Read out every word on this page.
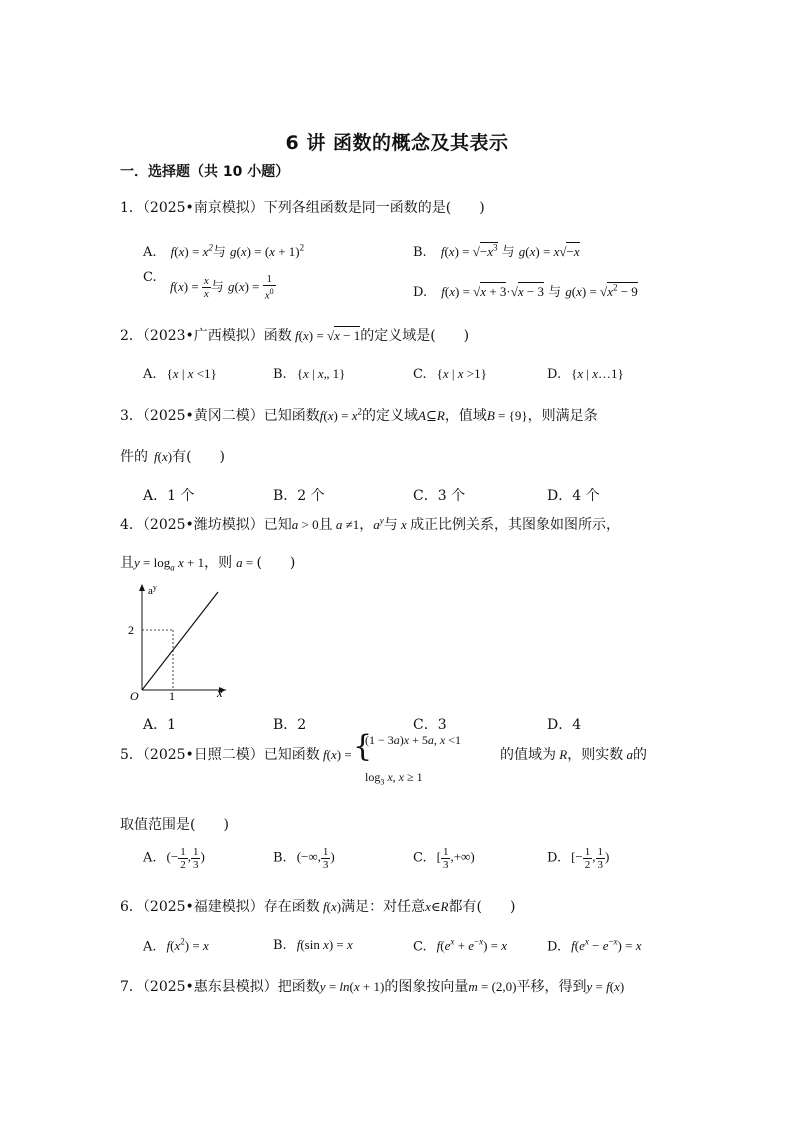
6 讲 函数的概念及其表示
一．选择题（共 10 小题）
1．（2025•南京模拟）下列各组函数是同一函数的是(　　)
A. $f(x) = x^2$与 $g(x) = (x + 1)^2$	B. $f(x) = √-x^3$ 与 g(x) = x√−x
C.
$f(x) = \frac{x}{x}$ 与 $g(x) = \frac{1}{x^0}$	D. f(x) = √x + 3·√x − 3 与 $g(x) = √x^2 - 9$
2．（2023•广西模拟）函数 f(x) = √x − 1的定义域是(　　)
A. {x | x <1}	B. {x | x„ 1}	C. {x | x >1}	D. {x | x…1}
3．（2025•黄冈二模）已知函数$f(x) = x^2$的定义域A⊆R，值域B = {9}，则满足条
件的 f(x)有(　　)
A．1 个	B．2 个	C．3 个	D．4 个
4．（2025•潍坊模拟）已知a > 0且 a ≠1，$a^y$与 x 成正比例关系，其图象如图所示，
且$y = \log_a x + 1$，则 a = (　　)
$a^y$
x
O
2
1
A．1	B．2	C．3	D．4
5．（2025•日照二模）已知函数 f(x) = {
(1 − 3a)x + 5a, x <1
$\log_3 x$, x ≥ 1
的值域为 R，则实数 a的
取值范围是(　　)
A. (− $\frac{1}{2}$ , $\frac{1}{3}$ )	B. (−∞, $\frac{1}{3}$ )	C. [ $\frac{1}{3}$ ,+∞)	D. [− $\frac{1}{2}$ , $\frac{1}{3}$ )
6．（2025•福建模拟）存在函数 f(x)满足：对任意x∈R都有(　　)
A. $f(x^2) = x$	B. f(sin x) = x	C. $f(e^x + e^{-x}) = x$	D. $f(e^x - e^{-x}) = x$
7．（2025•惠东县模拟）把函数y = ln(x + 1)的图象按向量m = (2,0)平移，得到y = f(x)
